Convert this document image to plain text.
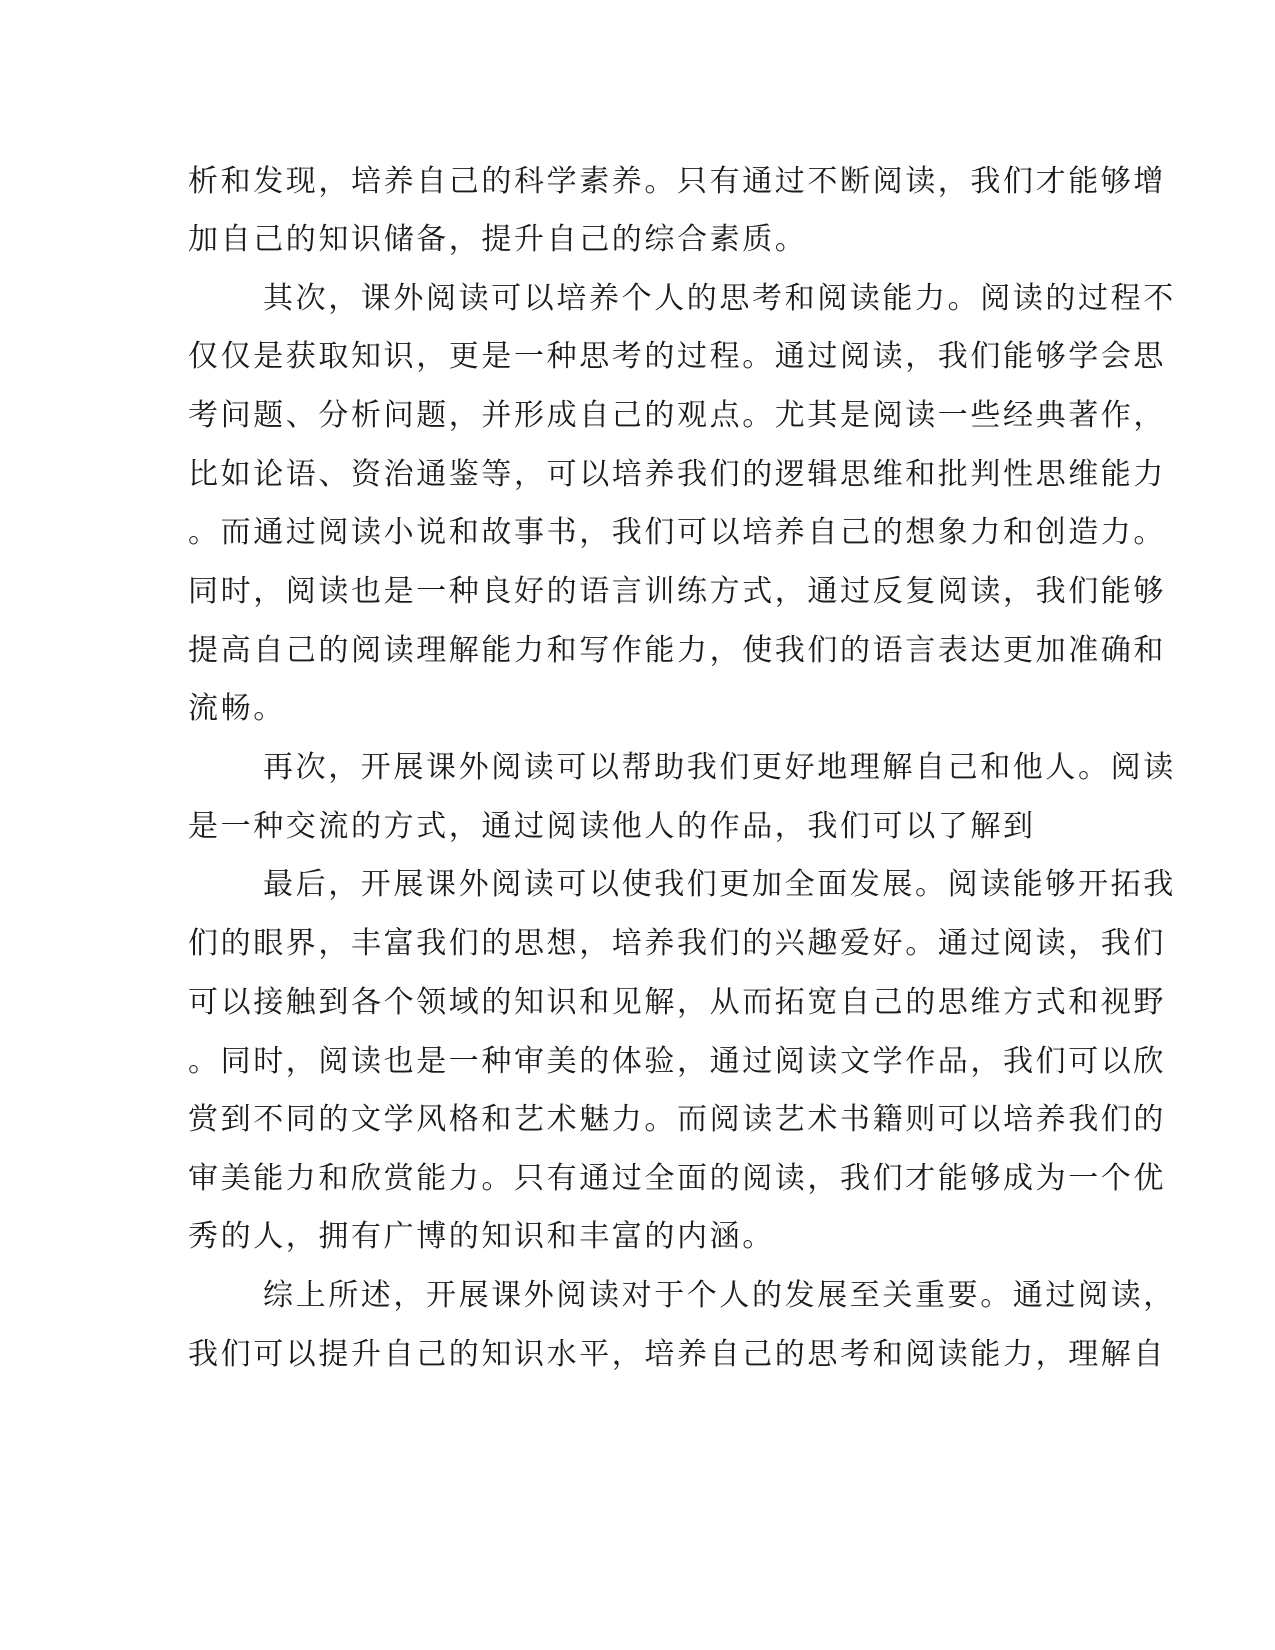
析和发现，培养自己的科学素养。只有通过不断阅读，我们才能够增
加自己的知识储备，提升自己的综合素质。
其次，课外阅读可以培养个人的思考和阅读能力。阅读的过程不
仅仅是获取知识，更是一种思考的过程。通过阅读，我们能够学会思
考问题、分析问题，并形成自己的观点。尤其是阅读一些经典著作，
比如论语、资治通鉴等，可以培养我们的逻辑思维和批判性思维能力
。而通过阅读小说和故事书，我们可以培养自己的想象力和创造力。
同时，阅读也是一种良好的语言训练方式，通过反复阅读，我们能够
提高自己的阅读理解能力和写作能力，使我们的语言表达更加准确和
流畅。
再次，开展课外阅读可以帮助我们更好地理解自己和他人。阅读
是一种交流的方式，通过阅读他人的作品，我们可以了解到
最后，开展课外阅读可以使我们更加全面发展。阅读能够开拓我
们的眼界，丰富我们的思想，培养我们的兴趣爱好。通过阅读，我们
可以接触到各个领域的知识和见解，从而拓宽自己的思维方式和视野
。同时，阅读也是一种审美的体验，通过阅读文学作品，我们可以欣
赏到不同的文学风格和艺术魅力。而阅读艺术书籍则可以培养我们的
审美能力和欣赏能力。只有通过全面的阅读，我们才能够成为一个优
秀的人，拥有广博的知识和丰富的内涵。
综上所述，开展课外阅读对于个人的发展至关重要。通过阅读，
我们可以提升自己的知识水平，培养自己的思考和阅读能力，理解自
